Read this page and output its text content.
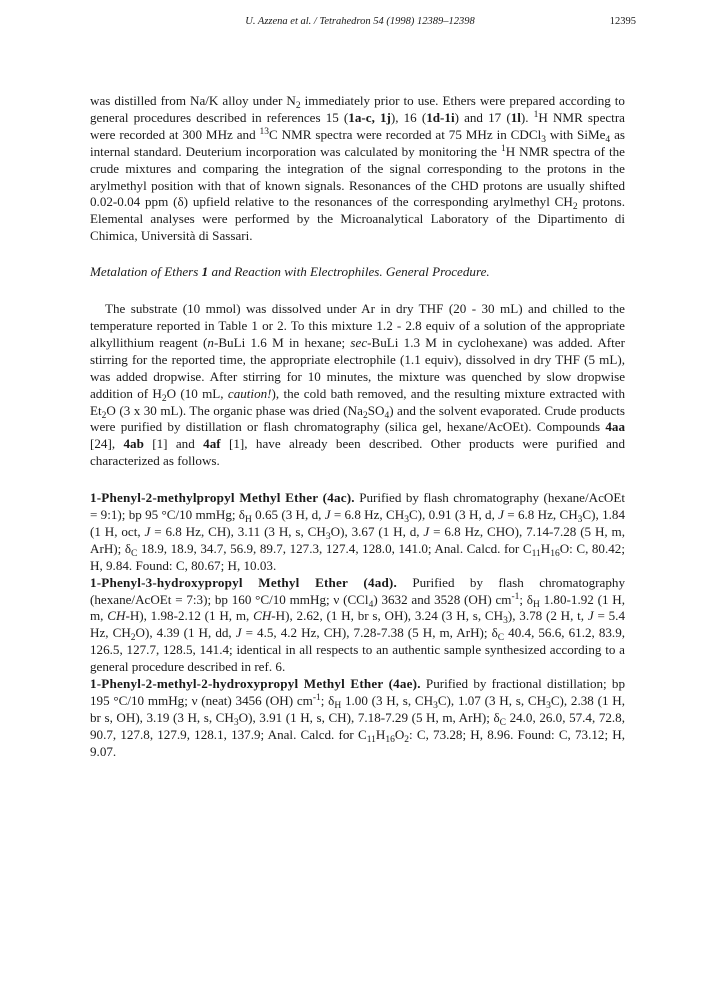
U. Azzena et al. / Tetrahedron 54 (1998) 12389–12398	12395

was distilled from Na/K alloy under $N_2$ immediately prior to use. Ethers were prepared according to general procedures described in references 15 (1a-c, 1j), 16 (1d-1i) and 17 (1l). $^1$H NMR spectra were recorded at 300 MHz and $^{13}$C NMR spectra were recorded at 75 MHz in CDCl$_3$ with SiMe$_4$ as internal standard. Deuterium incorporation was calculated by monitoring the $^1$H NMR spectra of the crude mixtures and comparing the integration of the signal corresponding to the protons in the arylmethyl position with that of known signals. Resonances of the CHD protons are usually shifted 0.02-0.04 ppm (δ) upfield relative to the resonances of the corresponding arylmethyl $CH_2$ protons. Elemental analyses were performed by the Microanalytical Laboratory of the Dipartimento di Chimica, Università di Sassari.

Metalation of Ethers 1 and Reaction with Electrophiles. General Procedure.

The substrate (10 mmol) was dissolved under Ar in dry THF (20 - 30 mL) and chilled to the temperature reported in Table 1 or 2. To this mixture 1.2 - 2.8 equiv of a solution of the appropriate alkyllithium reagent (n-BuLi 1.6 M in hexane; sec-BuLi 1.3 M in cyclohexane) was added. After stirring for the reported time, the appropriate electrophile (1.1 equiv), dissolved in dry THF (5 mL), was added dropwise. After stirring for 10 minutes, the mixture was quenched by slow dropwise addition of $H_2O$ (10 mL, caution!), the cold bath removed, and the resulting mixture extracted with $Et_2O$ (3 x 30 mL). The organic phase was dried $(Na_2SO_4)$ and the solvent evaporated. Crude products were purified by distillation or flash chromatography (silica gel, hexane/AcOEt). Compounds 4aa [24], 4ab [1] and 4af [1], have already been described. Other products were purified and characterized as follows.

1-Phenyl-2-methylpropyl Methyl Ether (4ac). Purified by flash chromatography (hexane/AcOEt = 9:1); bp 95 °C/10 mmHg; $\delta_H$ 0.65 (3 H, d, J = 6.8 Hz, $CH_3C$), 0.91 (3 H, d, J = 6.8 Hz, $CH_3C$), 1.84 (1 H, oct, J = 6.8 Hz, CH), 3.11 (3 H, s, $CH_3O$), 3.67 (1 H, d, J = 6.8 Hz, CHO), 7.14-7.28 (5 H, m, ArH); $\delta_C$ 18.9, 18.9, 34.7, 56.9, 89.7, 127.3, 127.4, 128.0, 141.0; Anal. Calcd. for $C_{11}H_{16}O$: C, 80.42; H, 9.84. Found: C, 80.67; H, 10.03.

1-Phenyl-3-hydroxypropyl Methyl Ether (4ad). Purified by flash chromatography (hexane/AcOEt = 7:3); bp 160 °C/10 mmHg; ν (CCl$_4$) 3632 and 3528 (OH) $cm^{-1}$; $\delta_H$ 1.80-1.92 (1 H, m, CH-H), 1.98-2.12 (1 H, m, CH-H), 2.62, (1 H, br s, OH), 3.24 (3 H, s, $CH_3$), 3.78 (2 H, t, J = 5.4 Hz, $CH_2O$), 4.39 (1 H, dd, J = 4.5, 4.2 Hz, CH), 7.28-7.38 (5 H, m, ArH); $\delta_C$ 40.4, 56.6, 61.2, 83.9, 126.5, 127.7, 128.5, 141.4; identical in all respects to an authentic sample synthesized according to a general procedure described in ref. 6.

1-Phenyl-2-methyl-2-hydroxypropyl Methyl Ether (4ae). Purified by fractional distillation; bp 195 °C/10 mmHg; ν (neat) 3456 (OH) $cm^{-1}$; $\delta_H$ 1.00 (3 H, s, $CH_3C$), 1.07 (3 H, s, $CH_3C$), 2.38 (1 H, br s, OH), 3.19 (3 H, s, $CH_3O$), 3.91 (1 H, s, CH), 7.18-7.29 (5 H, m, ArH); $\delta_C$ 24.0, 26.0, 57.4, 72.8, 90.7, 127.8, 127.9, 128.1, 137.9; Anal. Calcd. for $C_{11}H_{16}O_2$: C, 73.28; H, 8.96. Found: C, 73.12; H, 9.07.
